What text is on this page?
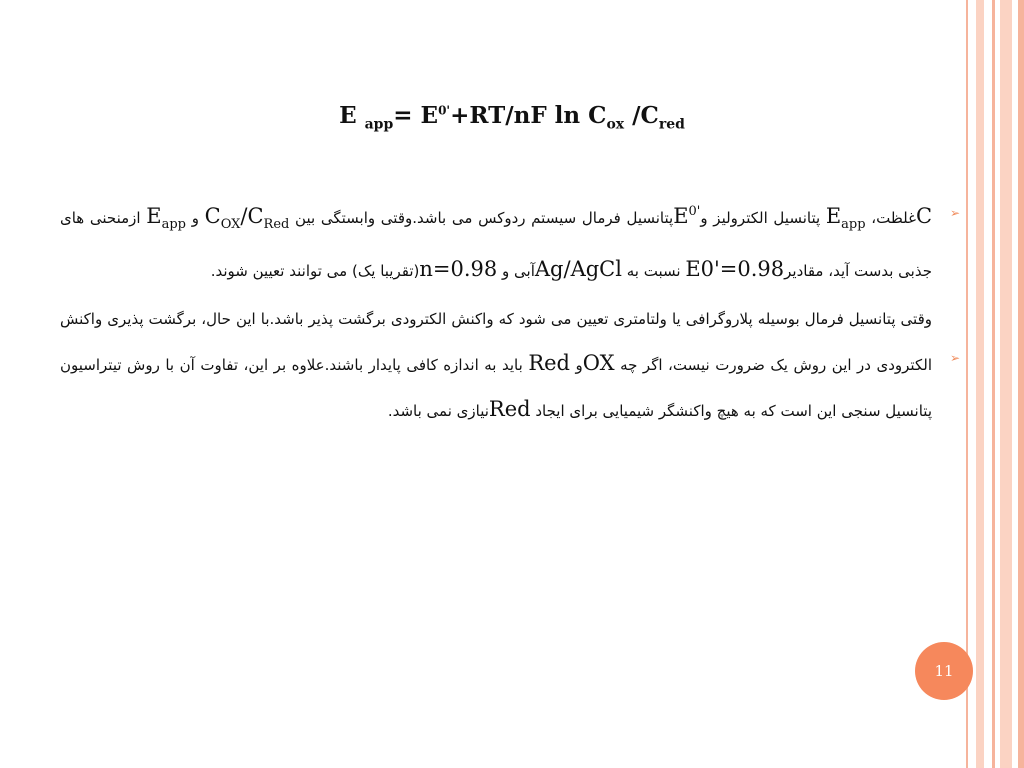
E $_{app}= E^{0'}+RT/nF$ $\ln C_{ox}$ $/C_{red}$
➢
➢
Cغلظت، $E_{app}$ پتانسیل الکترولیز وE$^{0'}$پتانسیل فرمال سیستم ردوکس می باشد.وقتی وابستگی بین $C_{OX}/C_{Red}$ و $E_{app}$ ازمنحنی های جذبی بدست آید، مقادیرE0'=0.98 نسبت به Ag/AgClآبی و n=0.98(تقریبا یک) می توانند تعیین شوند.
وقتی پتانسیل فرمال بوسیله پلاروگرافی یا ولتامتری تعیین می شود که واکنش الکترودی برگشت پذیر باشد.با این حال، برگشت پذیری واکنش الکترودی در این روش یک ضرورت نیست، اگر چه OXو Red باید به اندازه کافی پایدار باشند.علاوه بر این، تفاوت آن با روش تیتراسیون پتانسیل سنجی این است که به هیچ واکنشگر شیمیایی برای ایجاد Redنیازی نمی باشد.
11
